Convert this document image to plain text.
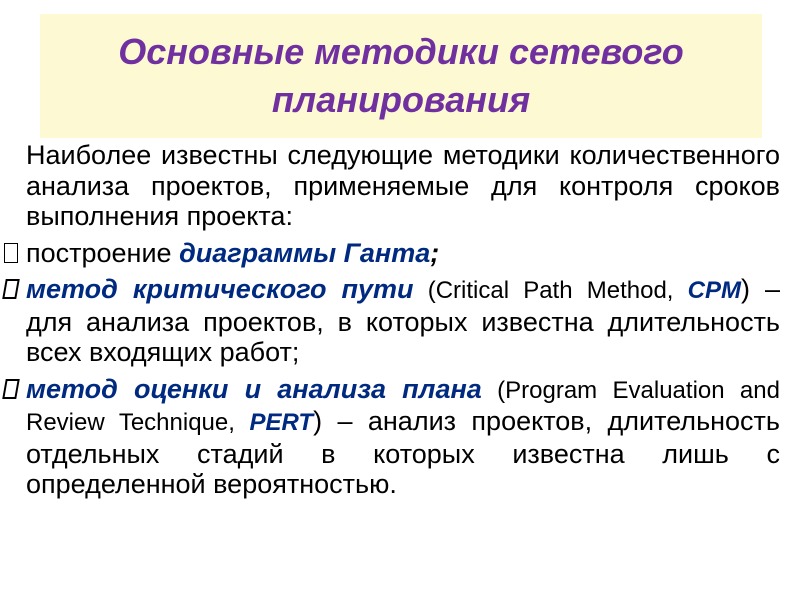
Основные методики сетевого
планирования

Наиболее известны следующие методики количественного анализа проектов, применяемые для контроля сроков выполнения проекта:

построение диаграммы Ганта;

метод критического пути (Critical Path Method, CPM) – для анализа проектов, в которых известна длительность всех входящих работ;

метод оценки и анализа плана (Program Evaluation and Review Technique, PERT) – анализ проектов, длительность отдельных стадий в которых известна лишь с определенной вероятностью.
